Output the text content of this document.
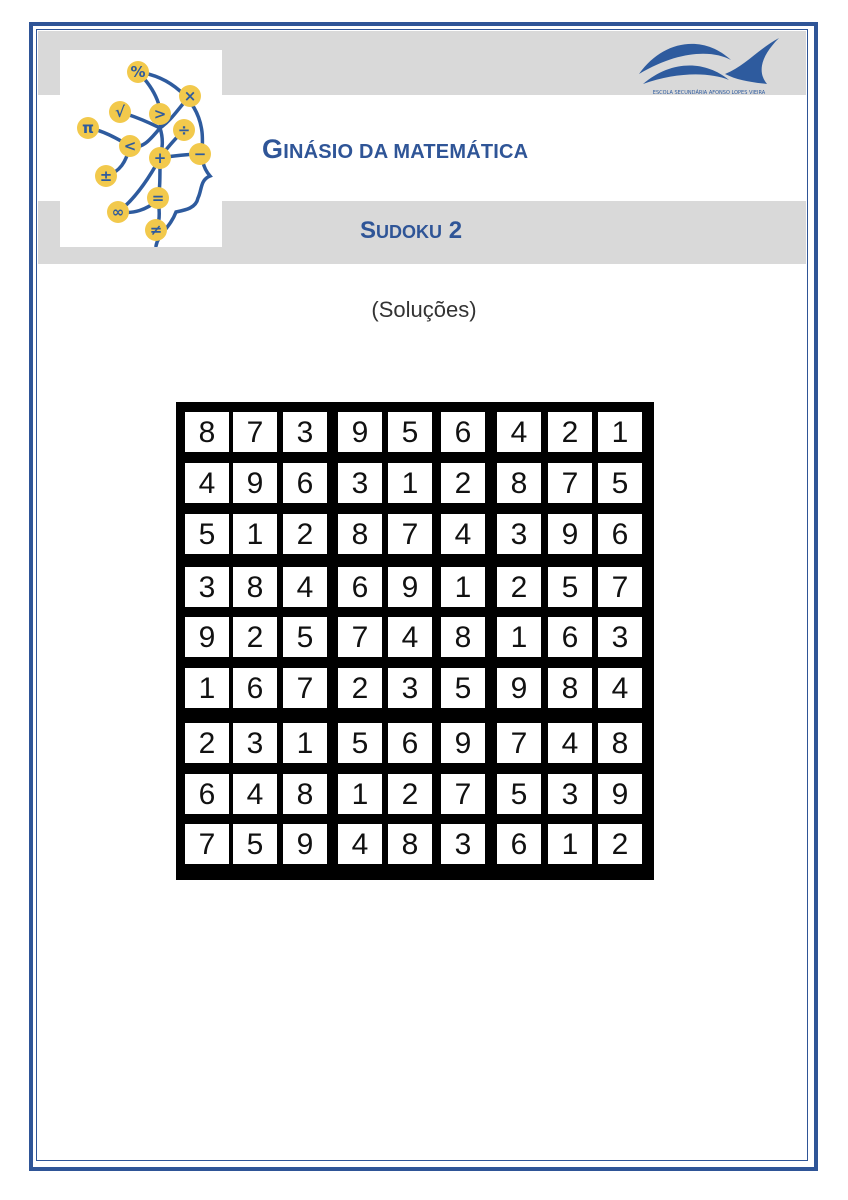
%
×
√ >
÷
π
<
+ −
±
=
∞
≠
ESCOLA SECUNDÁRIA AFONSO LOPES VIEIRA
GINÁSIO DA MATEMÁTICA
SUDOKU 2
(Soluções)
8	7	3	9	5	6	4	2	1
4	9	6	3	1	2	8	7	5
5	1	2	8	7	4	3	9	6
3	8	4	6	9	1	2	5	7
9	2	5	7	4	8	1	6	3
1	6	7	2	3	5	9	8	4
2	3	1	5	6	9	7	4	8
6	4	8	1	2	7	5	3	9
7	5	9	4	8	3	6	1	2
